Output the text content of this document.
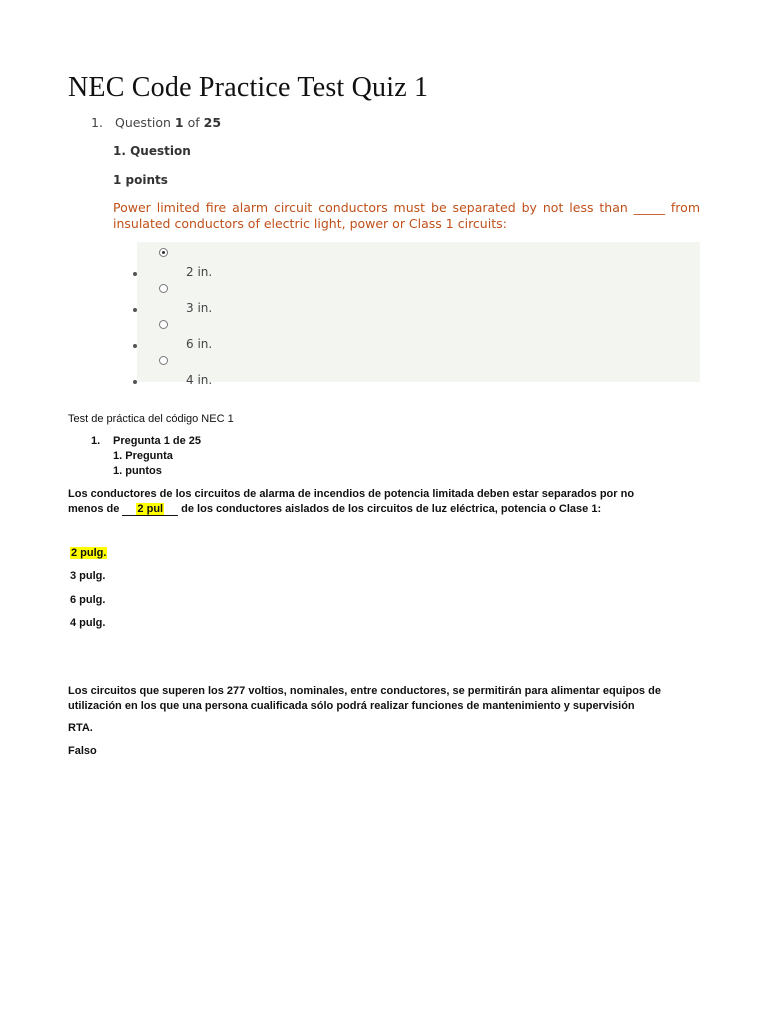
NEC Code Practice Test Quiz 1
1. Question 1 of 25
1. Question
1 points
Power limited fire alarm circuit conductors must be separated by not less than _____ from insulated conductors of electric light, power or Class 1 circuits:
2 in.
3 in.
6 in.
4 in.
Test de práctica del código NEC 1
1. Pregunta 1 de 25
1. Pregunta
1. puntos
Los conductores de los circuitos de alarma de incendios de potencia limitada deben estar separados por no
menos de 2 pul de los conductores aislados de los circuitos de luz eléctrica, potencia o Clase 1:
2 pulg.
3 pulg.
6 pulg.
4 pulg.
Los circuitos que superen los 277 voltios, nominales, entre conductores, se permitirán para alimentar equipos de
utilización en los que una persona cualificada sólo podrá realizar funciones de mantenimiento y supervisión
RTA.
Falso
